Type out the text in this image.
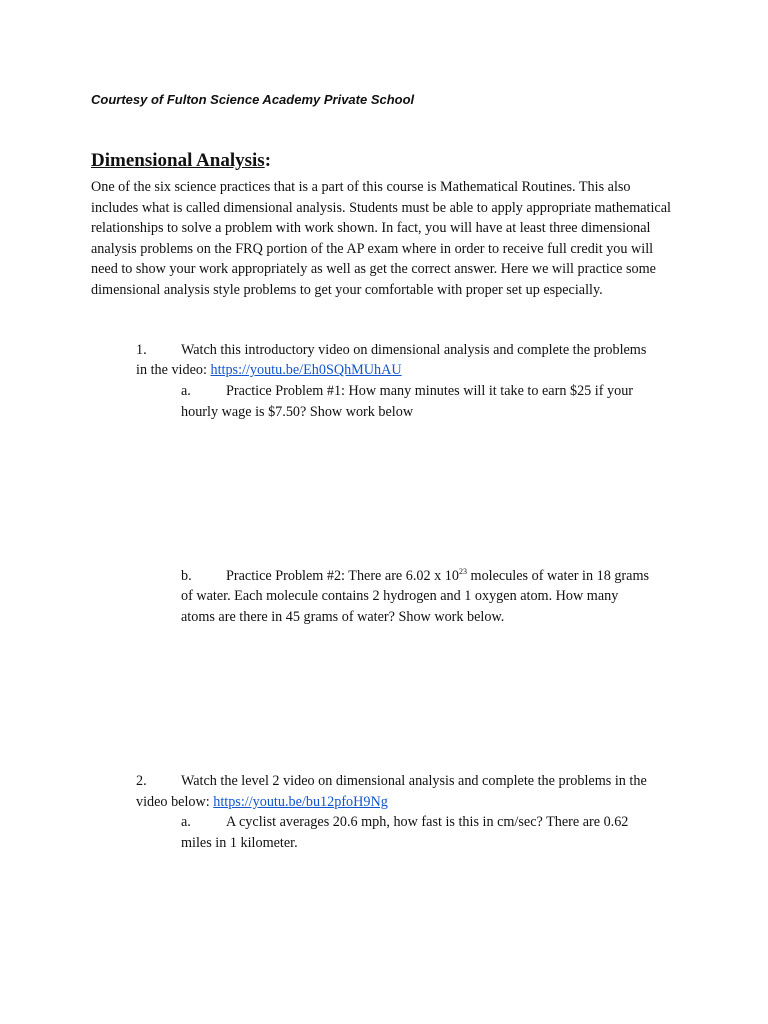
Courtesy of Fulton Science Academy Private School
Dimensional Analysis:

One of the six science practices that is a part of this course is Mathematical Routines. This also includes what is called dimensional analysis. Students must be able to apply appropriate mathematical relationships to solve a problem with work shown. In fact, you will have at least three dimensional analysis problems on the FRQ portion of the AP exam where in order to receive full credit you will need to show your work appropriately as well as get the correct answer. Here we will practice some dimensional analysis style problems to get your comfortable with proper set up especially.

1. Watch this introductory video on dimensional analysis and complete the problems
in the video: https://youtu.be/Eh0SQhMUhAU
a. Practice Problem #1: How many minutes will it take to earn $25 if your
hourly wage is $7.50? Show work below
b. Practice Problem #2: There are 6.02 x $10^{23}$ molecules of water in 18 grams
of water. Each molecule contains 2 hydrogen and 1 oxygen atom. How many
atoms are there in 45 grams of water? Show work below.
2. Watch the level 2 video on dimensional analysis and complete the problems in the
video below: https://youtu.be/bu12pfoH9Ng
a. A cyclist averages 20.6 mph, how fast is this in cm/sec? There are 0.62
miles in 1 kilometer.
